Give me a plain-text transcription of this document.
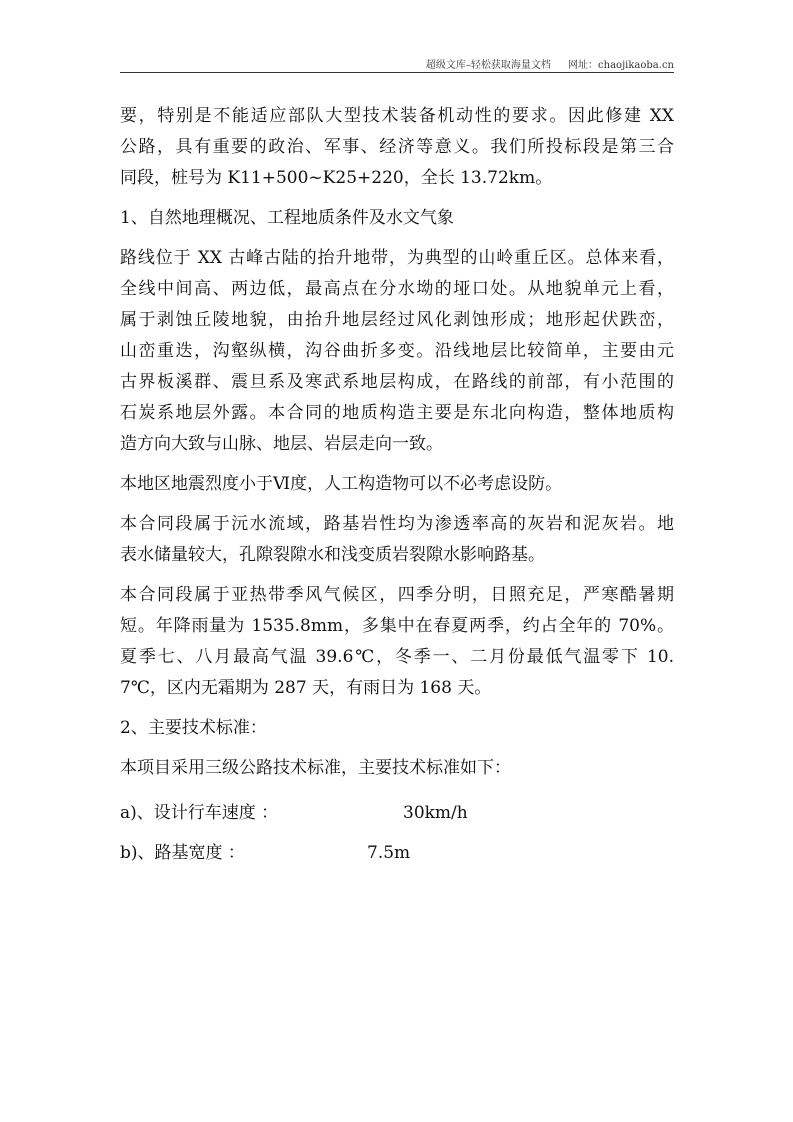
超级文库–轻松获取海量文档 网址：chaojikaoba.cn
要，特别是不能适应部队大型技术装备机动性的要求。因此修建 XX
公路，具有重要的政治、军事、经济等意义。我们所投标段是第三合
同段，桩号为 K11+500~K25+220，全长 13.72km。
1、自然地理概况、工程地质条件及水文气象
路线位于 XX 古峰古陆的抬升地带，为典型的山岭重丘区。总体来看，
全线中间高、两边低，最高点在分水坳的垭口处。从地貌单元上看，
属于剥蚀丘陵地貌，由抬升地层经过风化剥蚀形成；地形起伏跌峦，
山峦重迭，沟壑纵横，沟谷曲折多变。沿线地层比较简单，主要由元
古界板溪群、震旦系及寒武系地层构成，在路线的前部，有小范围的
石炭系地层外露。本合同的地质构造主要是东北向构造，整体地质构
造方向大致与山脉、地层、岩层走向一致。
本地区地震烈度小于Ⅵ度，人工构造物可以不必考虑设防。
本合同段属于沅水流域，路基岩性均为渗透率高的灰岩和泥灰岩。地
表水储量较大，孔隙裂隙水和浅变质岩裂隙水影响路基。
本合同段属于亚热带季风气候区，四季分明，日照充足，严寒酷暑期
短。年降雨量为 1535.8mm，多集中在春夏两季，约占全年的 70%。
夏季七、八月最高气温 39.6℃，冬季一、二月份最低气温零下 10.
7℃，区内无霜期为 287 天，有雨日为 168 天。
2、主要技术标准：
本项目采用三级公路技术标准，主要技术标准如下：
a)、设计行车速度 ：	30km/h
b)、路基宽度 ：	7.5m
